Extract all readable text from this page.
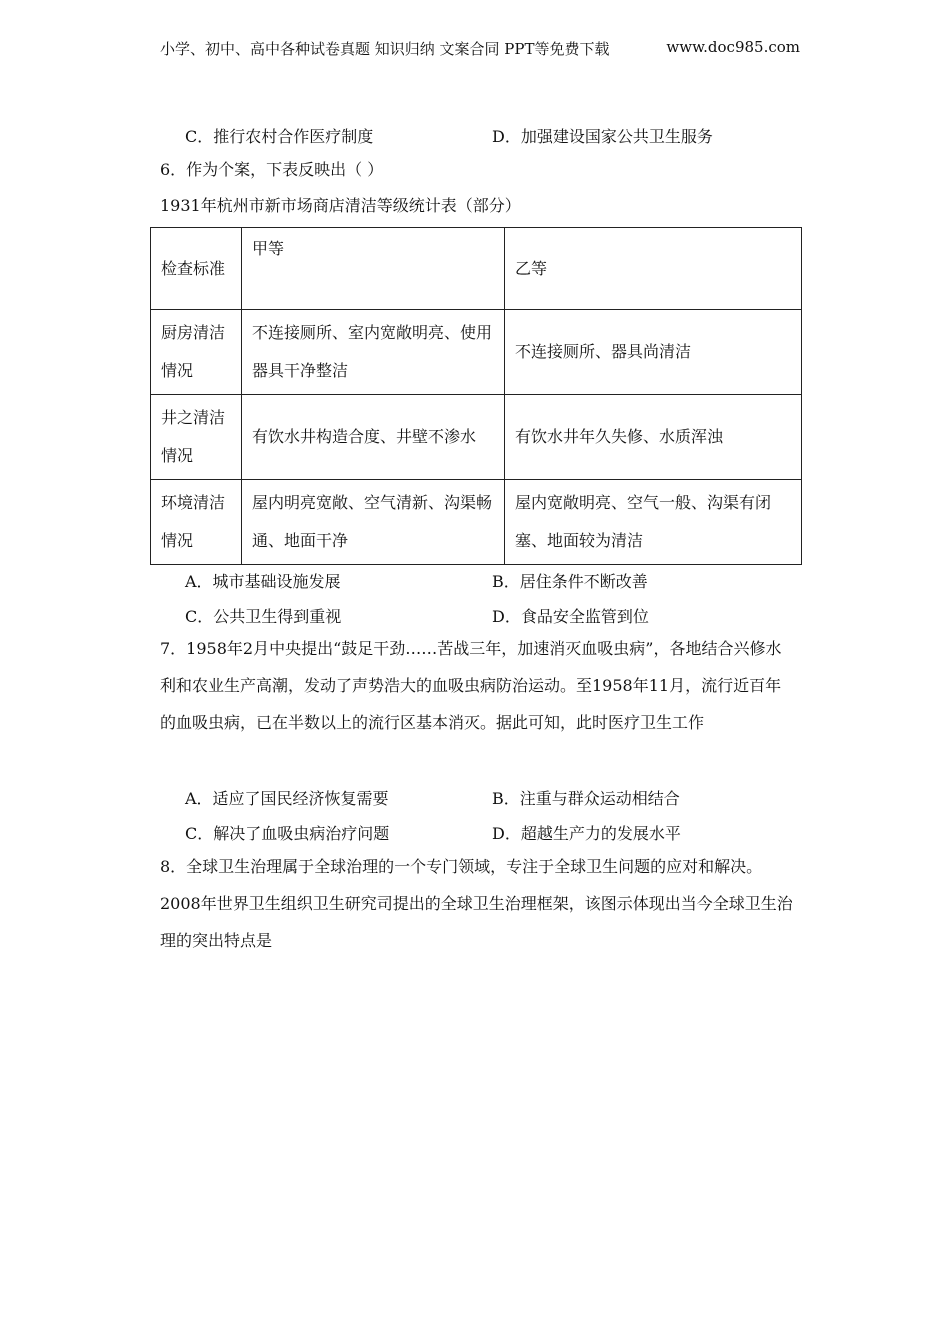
小学、初中、高中各种试卷真题 知识归纳 文案合同 PPT等免费下载	www.doc985.com
C．推行农村合作医疗制度	D．加强建设国家公共卫生服务
6．作为个案，下表反映出（ ）
1931年杭州市新市场商店清洁等级统计表（部分）
检查标准	甲等	乙等
厨房清洁情况	不连接厕所、室内宽敞明亮、使用器具干净整洁	不连接厕所、器具尚清洁
井之清洁情况	有饮水井构造合度、井壁不渗水	有饮水井年久失修、水质浑浊
环境清洁情况	屋内明亮宽敞、空气清新、沟渠畅通、地面干净	屋内宽敞明亮、空气一般、沟渠有闭塞、地面较为清洁
A．城市基础设施发展	B．居住条件不断改善
C．公共卫生得到重视	D．食品安全监管到位
7．1958年2月中央提出“鼓足干劲……苦战三年，加速消灭血吸虫病”，各地结合兴修水利和农业生产高潮，发动了声势浩大的血吸虫病防治运动。至1958年11月，流行近百年的血吸虫病，已在半数以上的流行区基本消灭。据此可知，此时医疗卫生工作
A．适应了国民经济恢复需要	B．注重与群众运动相结合
C．解决了血吸虫病治疗问题	D．超越生产力的发展水平
8．全球卫生治理属于全球治理的一个专门领域，专注于全球卫生问题的应对和解决。2008年世界卫生组织卫生研究司提出的全球卫生治理框架，该图示体现出当今全球卫生治理的突出特点是
